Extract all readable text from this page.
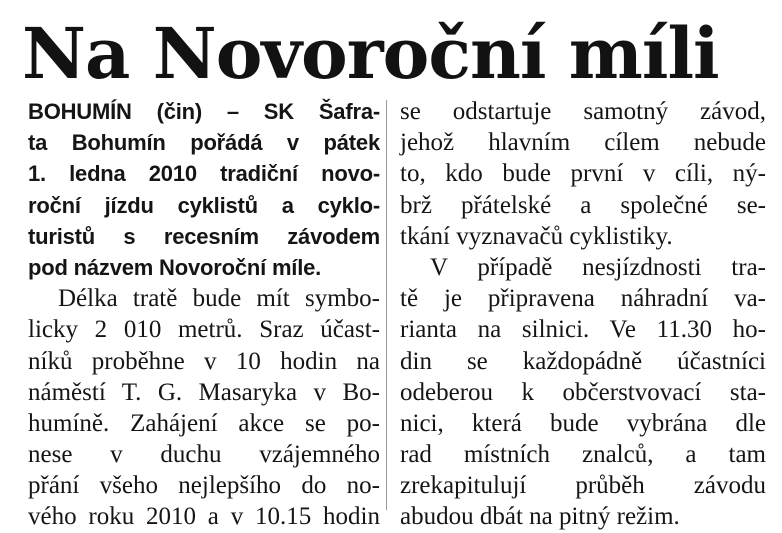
Na Novoroční míli
BOHUMÍN (čin) – SK Šafra-
ta Bohumín pořádá v pátek
1. ledna 2010 tradiční novo-
roční jízdu cyklistů a cyklo-
turistů s recesním závodem
pod názvem Novoroční míle.
Délka tratě bude mít symbo-
licky 2 010 metrů. Sraz účast-
níků proběhne v 10 hodin na
náměstí T. G. Masaryka v Bo-
humíně. Zahájení akce se po-
nese v duchu vzájemného
přání všeho nejlepšího do no-
vého roku 2010 a v 10.15 hodin
se odstartuje samotný závod,
jehož hlavním cílem nebude
to, kdo bude první v cíli, ný-
brž přátelské a společné se-
tkání vyznavačů cyklistiky.
V případě nesjízdnosti tra-
tě je připravena náhradní va-
rianta na silnici. Ve 11.30 ho-
din se každopádně účastníci
odeberou k občerstvovací sta-
nici, která bude vybrána dle
rad místních znalců, a tam
zrekapitulují průběh závodu
abudou dbát na pitný režim.
